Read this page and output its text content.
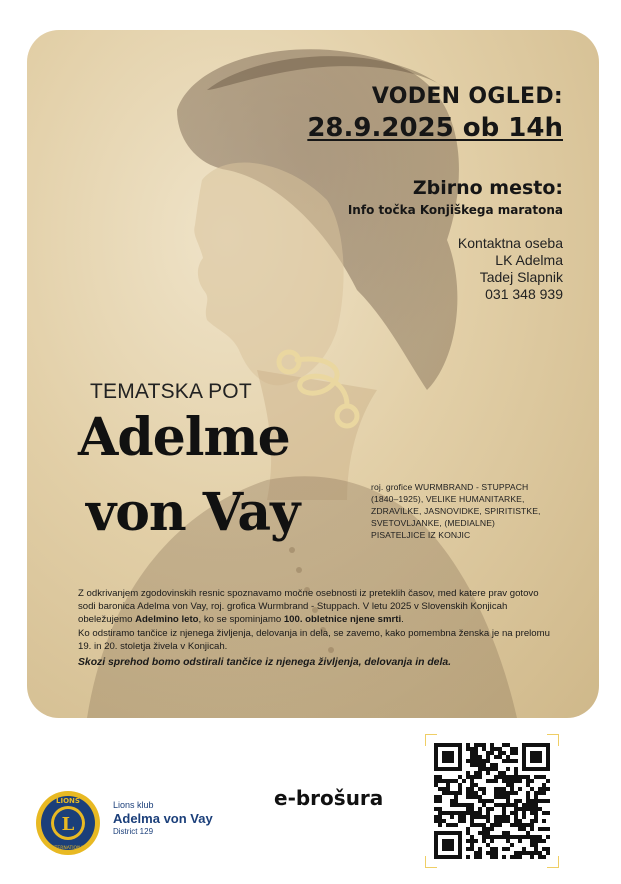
VODEN OGLED:
28.9.2025 ob 14h
Zbirno mesto:
Info točka Konjiškega maratona
Kontaktna oseba
LK Adelma
Tadej Slapnik
031 348 939
TEMATSKA POT
Adelme
von Vay	roj. grofice WURMBRAND - STUPPACH
(1840–1925), VELIKE HUMANITARKE,
ZDRAVILKE, JASNOVIDKE, SPIRITISTKE,
SVETOVLJANKE, (MEDIALNE)
PISATELJICE IZ KONJIC

Z odkrivanjem zgodovinskih resnic spoznavamo močne osebnosti iz preteklih časov, med katere prav gotovo sodi baronica Adelma von Vay, roj. grofica Wurmbrand - Stuppach. V letu 2025 v Slovenskih Konjicah obeležujemo Adelmino leto, ko se spominjamo 100. obletnice njene smrti.

Ko odstiramo tančice iz njenega življenja, delovanja in dela, se zavemo, kako pomembna ženska je na prelomu 19. in 20. stoletja živela v Konjicah.

Skozi sprehod bomo odstirali tančice iz njenega življenja, delovanja in dela.

L
LIONS
INTERNATIONAL
Lions klub
Adelma von Vay
District 129
e-brošura
